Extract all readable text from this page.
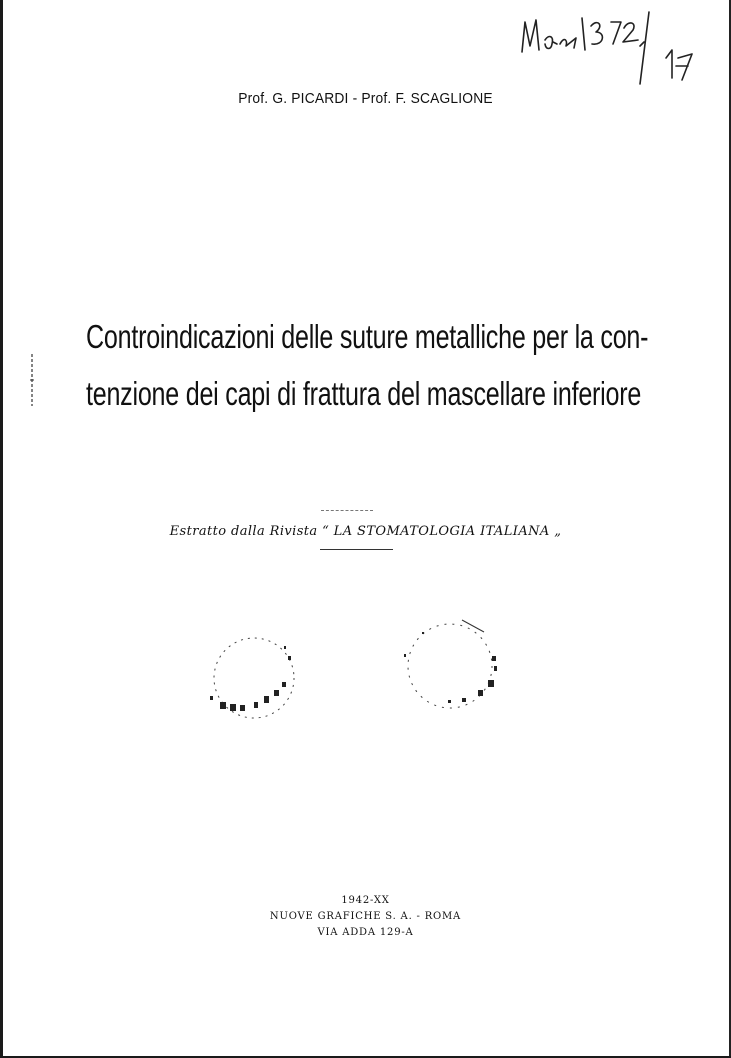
Prof. G. PICARDI - Prof. F. SCAGLIONE
Controindicazioni delle suture metalliche per la con-
tenzione dei capi di frattura del mascellare inferiore
Estratto dalla Rivista “ LA STOMATOLOGIA ITALIANA „
1942-XX
NUOVE GRAFICHE S. A. - ROMA
VIA ADDA 129-A
